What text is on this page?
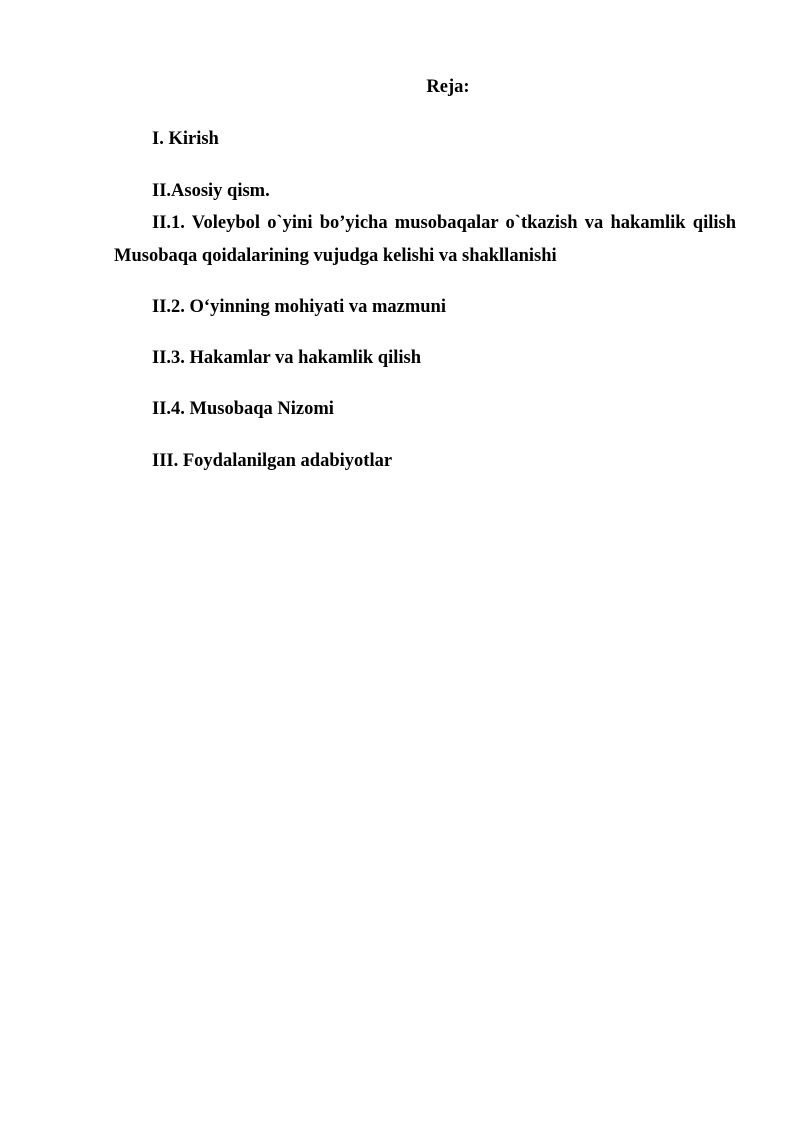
Reja:
I. Kirish
II.Asosiy qism.
II.1. Voleybol o`yini bo’yicha musobaqalar o`tkazish va hakamlik qilish
Musobaqa qoidalarining vujudga kelishi va shakllanishi
II.2. O‘yinning mohiyati va mazmuni
II.3. Hakamlar va hakamlik qilish
II.4. Musobaqa Nizomi
III. Foydalanilgan adabiyotlar
